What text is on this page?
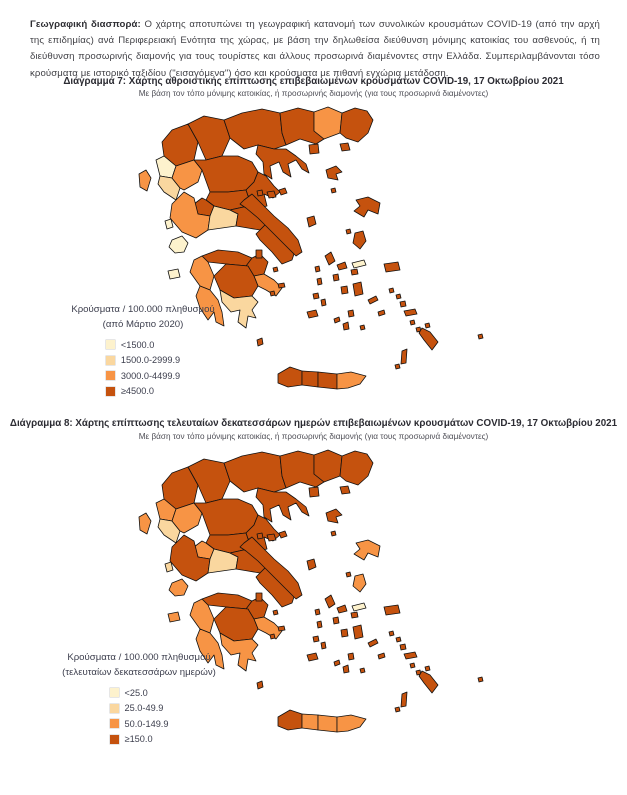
Γεωγραφική διασπορά: Ο χάρτης αποτυπώνει τη γεωγραφική κατανομή των συνολικών κρουσμάτων COVID-19 (από την αρχή της επιδημίας) ανά Περιφερειακή Ενότητα της χώρας, με βάση την δηλωθείσα διεύθυνση μόνιμης κατοικίας του ασθενούς, ή τη διεύθυνση προσωρινής διαμονής για τους τουρίστες και άλλους προσωρινά διαμένοντες στην Ελλάδα. Συμπεριλαμβάνονται τόσο κρούσματα με ιστορικό ταξιδίου ("εισαγόμενα") όσο και κρούσματα με πιθανή εγχώρια μετάδοση.

Διάγραμμα 7: Χάρτης αθροιστικής επίπτωσης επιβεβαιωμένων κρουσμάτων COVID-19, 17 Οκτωβρίου 2021
Με βάση τον τόπο μόνιμης κατοικίας, ή προσωρινής διαμονής (για τους προσωρινά διαμένοντες)
Κρούσματα / 100.000 πληθυσμού
(από Μάρτιο 2020)
<1500.0
1500.0-2999.9
3000.0-4499.9
≥4500.0
Διάγραμμα 8: Χάρτης επίπτωσης τελευταίων δεκατεσσάρων ημερών επιβεβαιωμένων κρουσμάτων COVID-19, 17 Οκτωβρίου 2021
Με βάση τον τόπο μόνιμης κατοικίας, ή προσωρινής διαμονής (για τους προσωρινά διαμένοντες)
Κρούσματα / 100.000 πληθυσμού
(τελευταίων δεκατεσσάρων ημερών)
<25.0
25.0-49.9
50.0-149.9
≥150.0
